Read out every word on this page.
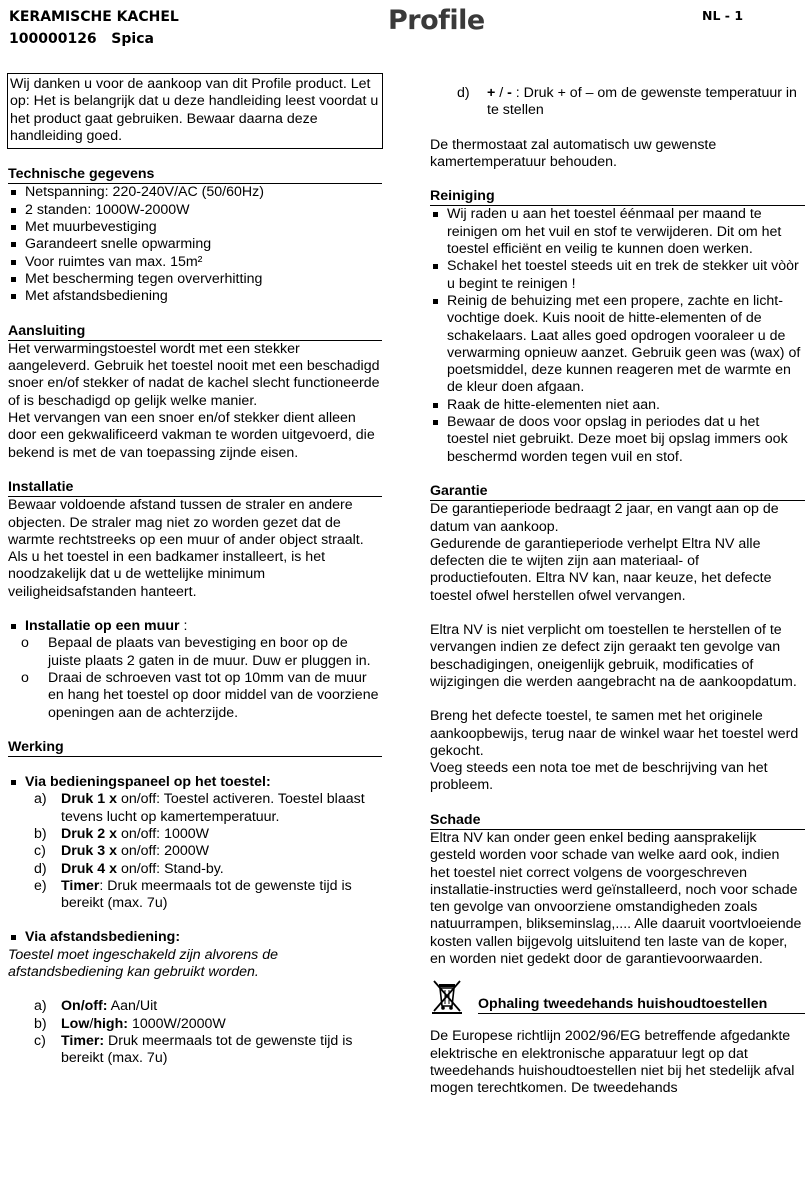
KERAMISCHE KACHEL
100000126   Spica
Profile	NL - 1

Wij danken u voor de aankoop van dit Profile product. Let op: Het is belangrijk dat u deze handleiding leest voordat u het product gaat gebruiken. Bewaar daarna deze handleiding goed.

Technische gegevens
Netspanning: 220-240V/AC (50/60Hz)
2 standen: 1000W-2000W
Met muurbevestiging
Garandeert snelle opwarming
Voor ruimtes van max. 15m²
Met bescherming tegen oververhitting
Met afstandsbediening
Aansluiting

Het verwarmingstoestel wordt met een stekker aangeleverd. Gebruik het toestel nooit met een beschadigd snoer en/of stekker of nadat de kachel slecht functioneerde of is beschadigd op gelijk welke manier.

Het vervangen van een snoer en/of stekker dient alleen door een gekwalificeerd vakman te worden uitgevoerd, die bekend is met de van toepassing zijnde eisen.

Installatie

Bewaar voldoende afstand tussen de straler en andere objecten. De straler mag niet zo worden gezet dat de warmte rechtstreeks op een muur of ander object straalt.

Als u het toestel in een badkamer installeert, is het noodzakelijk dat u de wettelijke minimum veiligheidsafstanden hanteert.

Installatie op een muur :
o Bepaal de plaats van bevestiging en boor op de juiste plaats 2 gaten in de muur. Duw er pluggen in.
o Draai de schroeven vast tot op 10mm van de muur en hang het toestel op door middel van de voorziene openingen aan de achterzijde.
Werking
Via bedieningspaneel op het toestel:
a) Druk 1 x on/off: Toestel activeren. Toestel blaast tevens lucht op kamertemperatuur.
b) Druk 2 x on/off: 1000W
c) Druk 3 x on/off: 2000W
d) Druk 4 x on/off: Stand-by.
e) Timer: Druk meermaals tot de gewenste tijd is bereikt (max. 7u)
Via afstandsbediening:

Toestel moet ingeschakeld zijn alvorens de afstandsbediening kan gebruikt worden.

a) On/off: Aan/Uit
b) Low/high: 1000W/2000W
c) Timer: Druk meermaals tot de gewenste tijd is bereikt (max. 7u)
d) + / - : Druk + of – om de gewenste temperatuur in te stellen

De thermostaat zal automatisch uw gewenste kamertemperatuur behouden.

Reiniging
Wij raden u aan het toestel éénmaal per maand te reinigen om het vuil en stof te verwijderen. Dit om het toestel efficiënt en veilig te kunnen doen werken.
Schakel het toestel steeds uit en trek de stekker uit vòòr u begint te reinigen !
Reinig de behuizing met een propere, zachte en licht-vochtige doek. Kuis nooit de hitte-elementen of de schakelaars. Laat alles goed opdrogen vooraleer u de verwarming opnieuw aanzet. Gebruik geen was (wax) of poetsmiddel, deze kunnen reageren met de warmte en de kleur doen afgaan.
Raak de hitte-elementen niet aan.
Bewaar de doos voor opslag in periodes dat u het toestel niet gebruikt. Deze moet bij opslag immers ook beschermd worden tegen vuil en stof.
Garantie

De garantieperiode bedraagt 2 jaar, en vangt aan op de datum van aankoop.

Gedurende de garantieperiode verhelpt Eltra NV alle defecten die te wijten zijn aan materiaal- of productiefouten. Eltra NV kan, naar keuze, het defecte toestel ofwel herstellen ofwel vervangen.

Eltra NV is niet verplicht om toestellen te herstellen of te vervangen indien ze defect zijn geraakt ten gevolge van beschadigingen, oneigenlijk gebruik, modificaties of wijzigingen die werden aangebracht na de aankoopdatum.

Breng het defecte toestel, te samen met het originele aankoopbewijs, terug naar de winkel waar het toestel werd gekocht.

Voeg steeds een nota toe met de beschrijving van het probleem.

Schade

Eltra NV kan onder geen enkel beding aansprakelijk gesteld worden voor schade van welke aard ook, indien het toestel niet correct volgens de voorgeschreven installatie-instructies werd geïnstalleerd, noch voor schade ten gevolge van onvoorziene omstandigheden zoals natuurrampen, blikseminslag,.... Alle daaruit voortvloeiende kosten vallen bijgevolg uitsluitend ten laste van de koper, en worden niet gedekt door de garantievoorwaarden.

Ophaling tweedehands huishoudtoestellen

De Europese richtlijn 2002/96/EG betreffende afgedankte elektrische en elektronische apparatuur legt op dat tweedehands huishoudtoestellen niet bij het stedelijk afval mogen terechtkomen. De tweedehands
